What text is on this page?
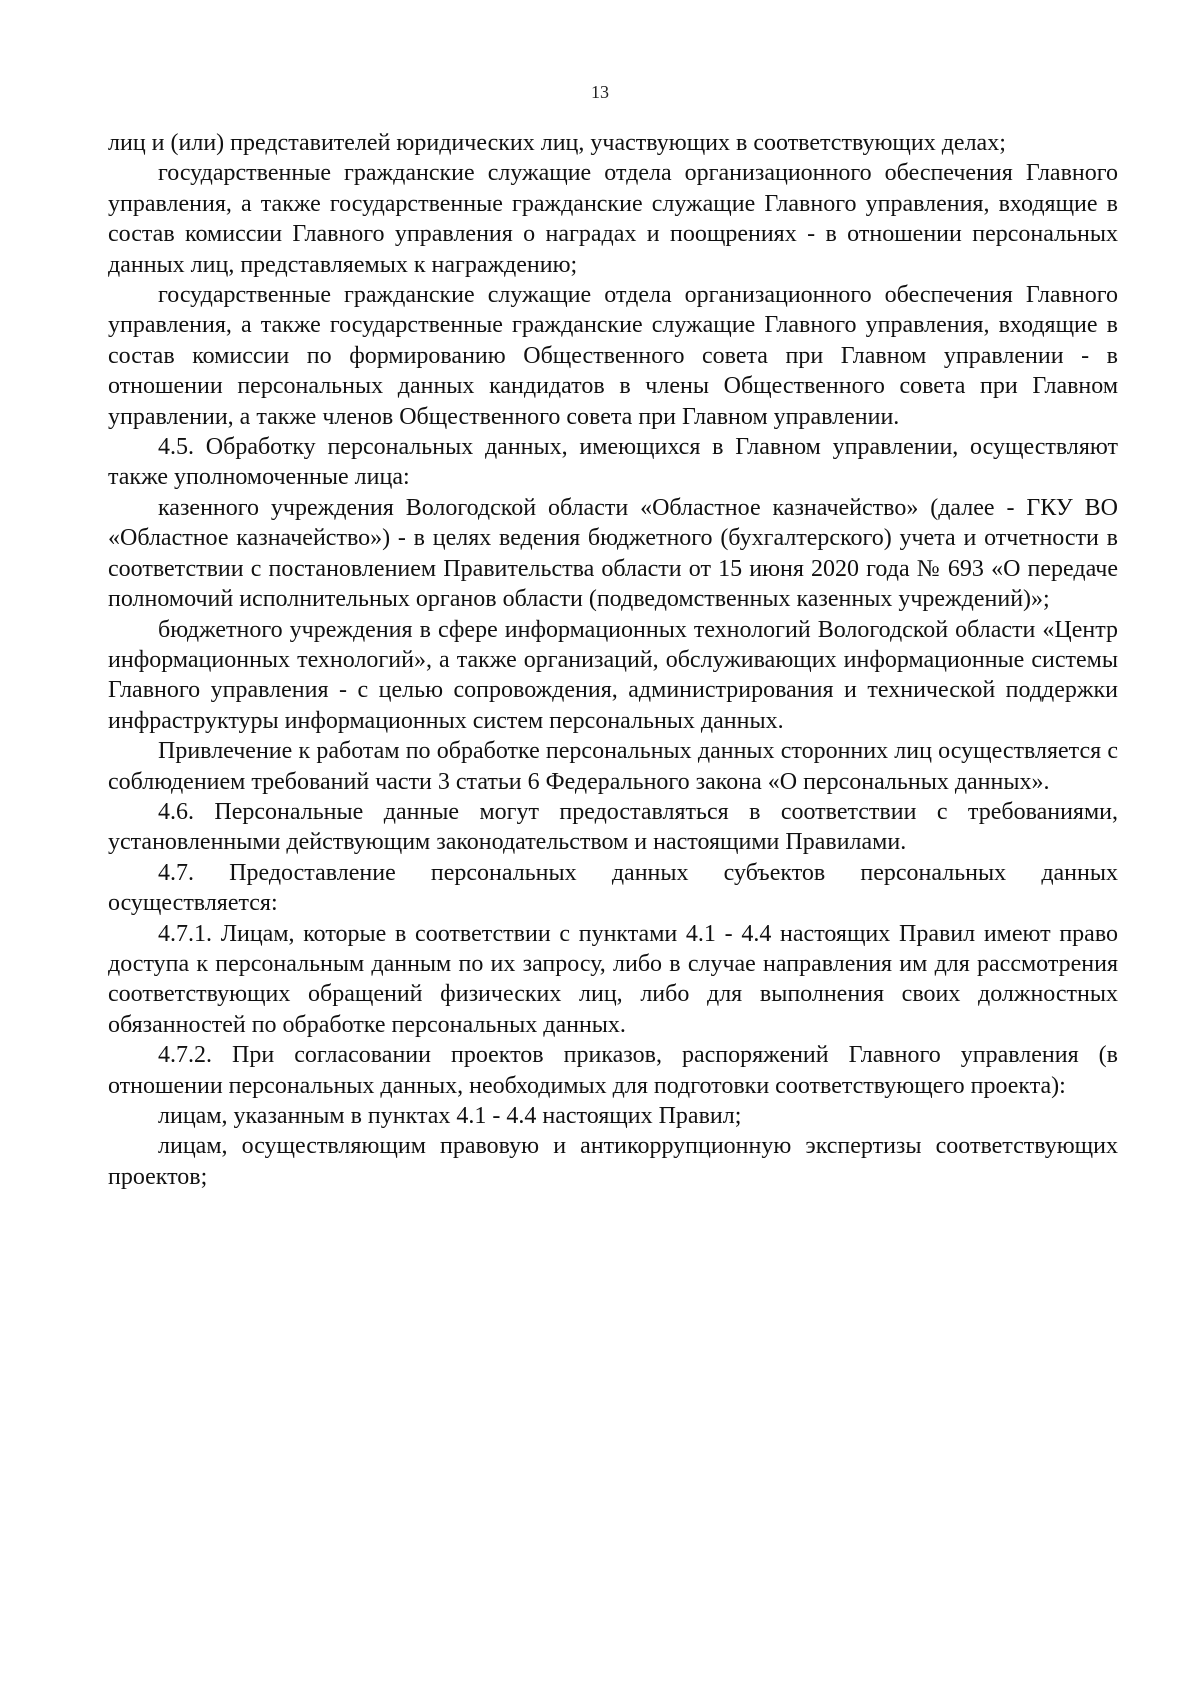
13

лиц и (или) представителей юридических лиц, участвующих в соответствующих делах;

государственные гражданские служащие отдела организационного обеспечения Главного управления, а также государственные гражданские служащие Главного управления, входящие в состав комиссии Главного управления о наградах и поощрениях - в отношении персональных данных лиц, представляемых к награждению;

государственные гражданские служащие отдела организационного обеспечения Главного управления, а также государственные гражданские служащие Главного управления, входящие в состав комиссии по формированию Общественного совета при Главном управлении - в отношении персональных данных кандидатов в члены Общественного совета при Главном управлении, а также членов Общественного совета при Главном управлении.

4.5. Обработку персональных данных, имеющихся в Главном управлении, осуществляют также уполномоченные лица:

казенного учреждения Вологодской области «Областное казначейство» (далее - ГКУ ВО «Областное казначейство») - в целях ведения бюджетного (бухгалтерского) учета и отчетности в соответствии с постановлением Правительства области от 15 июня 2020 года № 693 «О передаче полномочий исполнительных органов области (подведомственных казенных учреждений)»;

бюджетного учреждения в сфере информационных технологий Вологодской области «Центр информационных технологий», а также организаций, обслуживающих информационные системы Главного управления - с целью сопровождения, администрирования и технической поддержки инфраструктуры информационных систем персональных данных.

Привлечение к работам по обработке персональных данных сторонних лиц осуществляется с соблюдением требований части 3 статьи 6 Федерального закона «О персональных данных».

4.6. Персональные данные могут предоставляться в соответствии с требованиями, установленными действующим законодательством и настоящими Правилами.

4.7. Предоставление персональных данных субъектов персональных данных осуществляется:

4.7.1. Лицам, которые в соответствии с пунктами 4.1 - 4.4 настоящих Правил имеют право доступа к персональным данным по их запросу, либо в случае направления им для рассмотрения соответствующих обращений физических лиц, либо для выполнения своих должностных обязанностей по обработке персональных данных.

4.7.2. При согласовании проектов приказов, распоряжений Главного управления (в отношении персональных данных, необходимых для подготовки соответствующего проекта):

лицам, указанным в пунктах 4.1 - 4.4 настоящих Правил;

лицам, осуществляющим правовую и антикоррупционную экспертизы соответствующих проектов;
